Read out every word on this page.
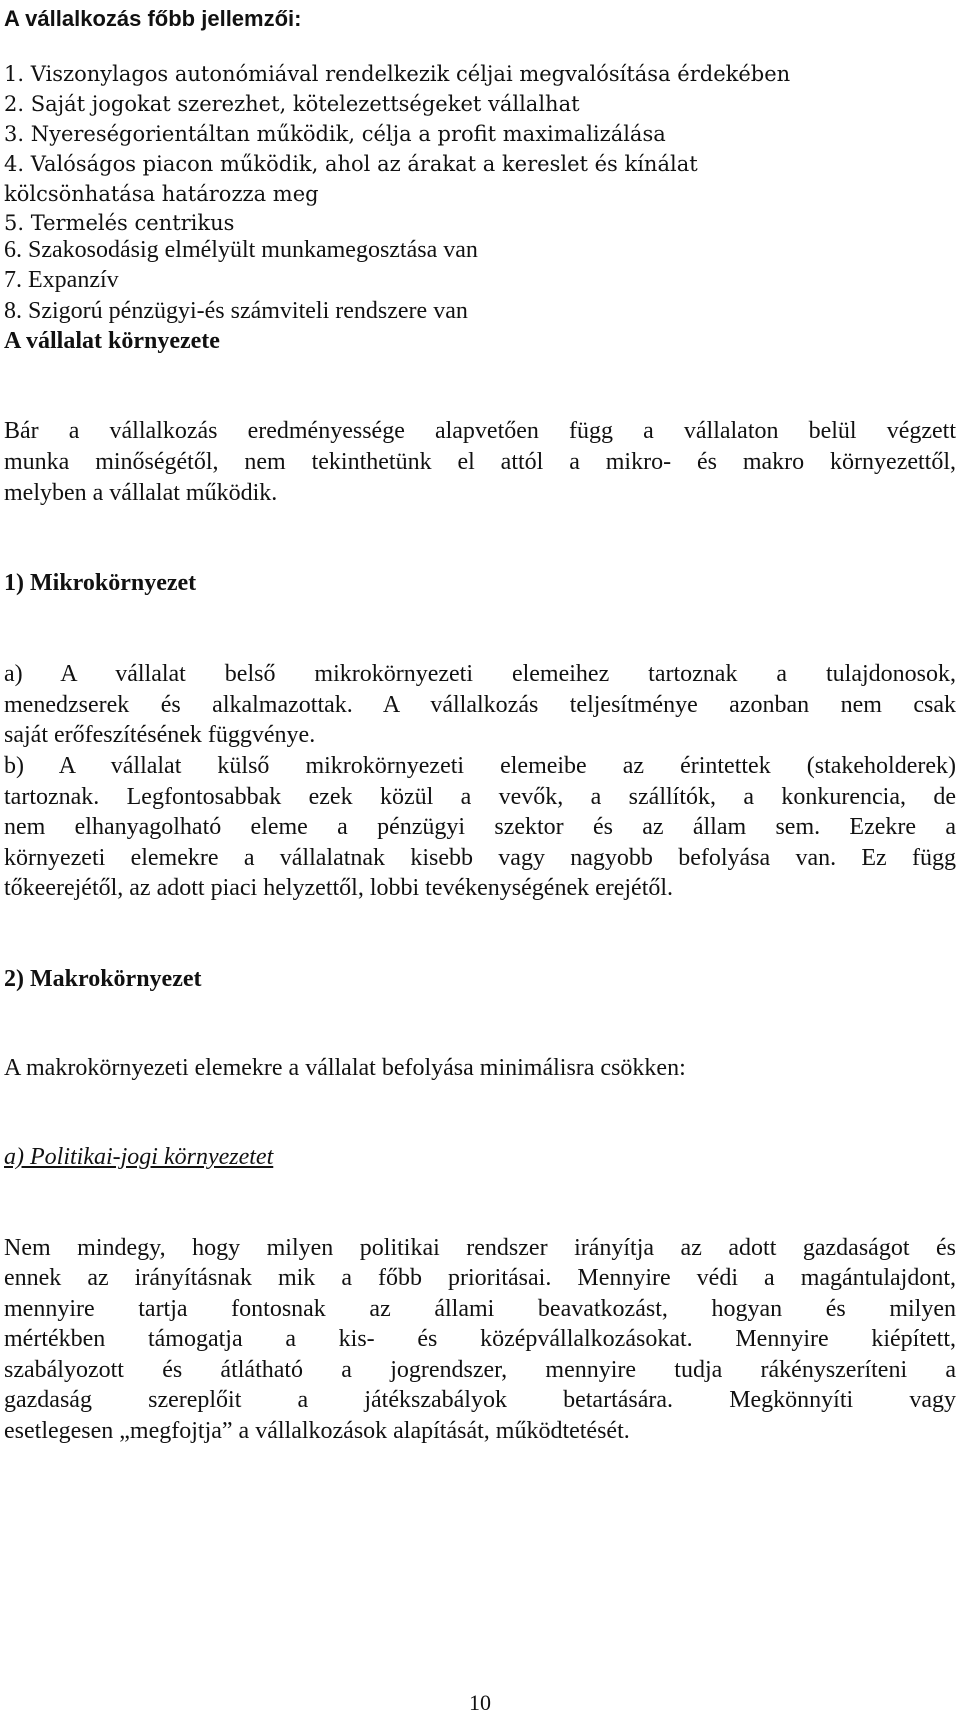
A vállalkozás főbb jellemzői:
1. Viszonylagos autonómiával rendelkezik céljai megvalósítása érdekében
2. Saját jogokat szerezhet, kötelezettségeket vállalhat
3. Nyereségorientáltan működik, célja a profit maximalizálása
4. Valóságos piacon működik, ahol az árakat a kereslet és kínálat
kölcsönhatása határozza meg
5. Termelés centrikus
6. Szakosodásig elmélyült munkamegosztása van
7. Expanzív
8. Szigorú pénzügyi-és számviteli rendszere van
A vállalat környezete
Bár a vállalkozás eredményessége alapvetően függ a vállalaton belül végzett
munka minőségétől, nem tekinthetünk el attól a mikro- és makro környezettől,
melyben a vállalat működik.
1) Mikrokörnyezet
a) A vállalat belső mikrokörnyezeti elemeihez tartoznak a tulajdonosok,
menedzserek és alkalmazottak. A vállalkozás teljesítménye azonban nem csak
saját erőfeszítésének függvénye.
b) A vállalat külső mikrokörnyezeti elemeibe az érintettek (stakeholderek)
tartoznak. Legfontosabbak ezek közül a vevők, a szállítók, a konkurencia, de
nem elhanyagolható eleme a pénzügyi szektor és az állam sem. Ezekre a
környezeti elemekre a vállalatnak kisebb vagy nagyobb befolyása van. Ez függ
tőkeerejétől, az adott piaci helyzettől, lobbi tevékenységének erejétől.
2) Makrokörnyezet
A makrokörnyezeti elemekre a vállalat befolyása minimálisra csökken:
a) Politikai-jogi környezetet
Nem mindegy, hogy milyen politikai rendszer irányítja az adott gazdaságot és
ennek az irányításnak mik a főbb prioritásai. Mennyire védi a magántulajdont,
mennyire tartja fontosnak az állami beavatkozást, hogyan és milyen
mértékben támogatja a kis- és középvállalkozásokat. Mennyire kiépített,
szabályozott és átlátható a jogrendszer, mennyire tudja rákényszeríteni a
gazdaság szereplőit a játékszabályok betartására. Megkönnyíti vagy
esetlegesen „megfojtja” a vállalkozások alapítását, működtetését.
10
